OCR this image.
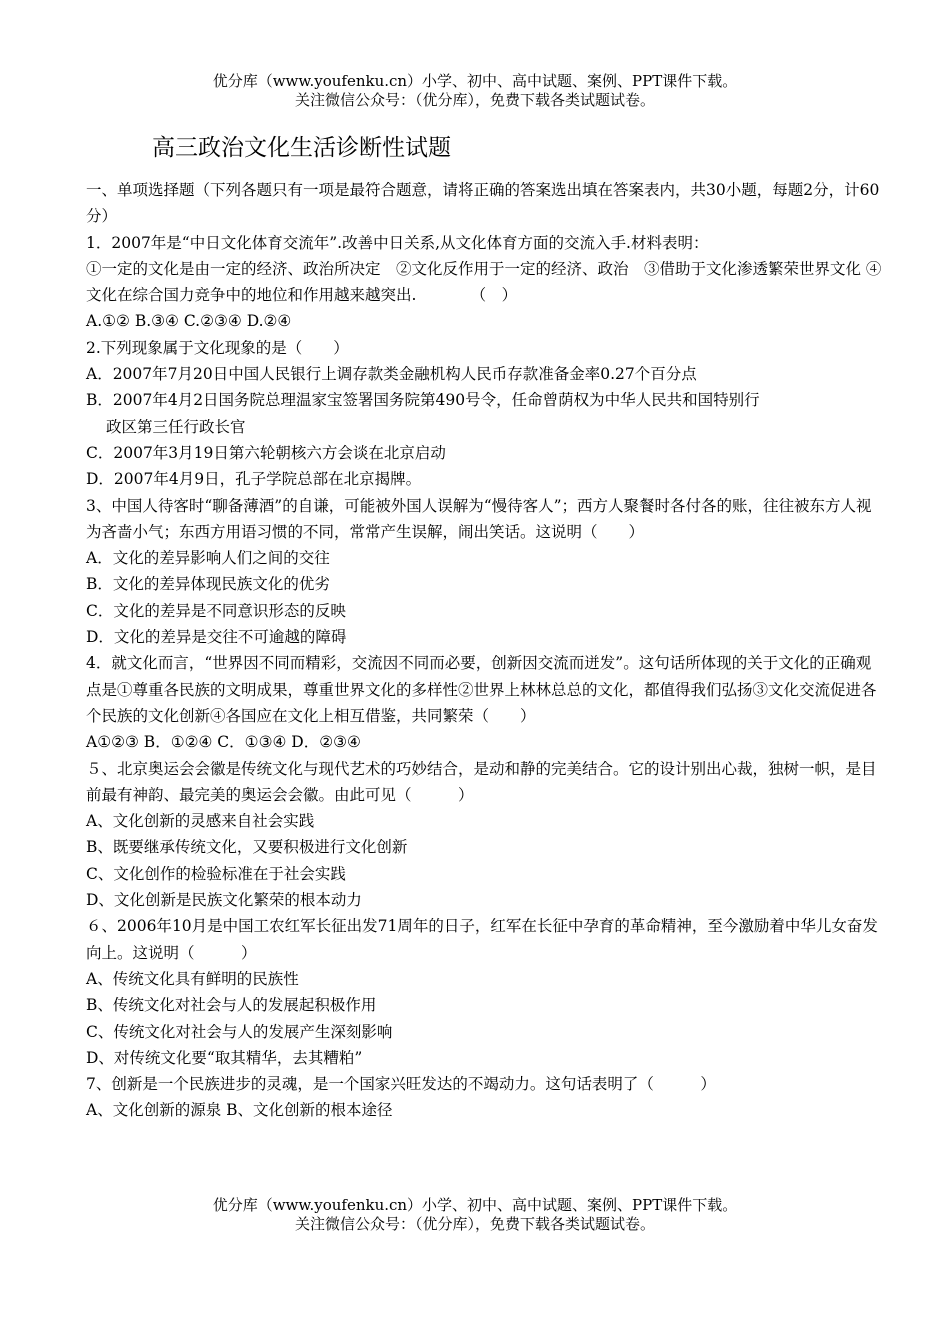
优分库（www.youfenku.cn）小学、初中、高中试题、案例、PPT课件下载。
关注微信公众号：（优分库），免费下载各类试题试卷。
高三政治文化生活诊断性试题

一、单项选择题（下列各题只有一项是最符合题意，请将正确的答案选出填在答案表内，共30小题，每题2分，计60分）

1．2007年是“中日文化体育交流年”.改善中日关系,从文化体育方面的交流入手.材料表明：

①一定的文化是由一定的经济、政治所决定　②文化反作用于一定的经济、政治　③借助于文化渗透繁荣世界文化 ④文化在综合国力竞争中的地位和作用越来越突出.　　　　（　）

A.①② B.③④ C.②③④ D.②④

2.下列现象属于文化现象的是（　　）

A．2007年7月20日中国人民银行上调存款类金融机构人民币存款准备金率0.27个百分点

B．2007年4月2日国务院总理温家宝签署国务院第490号令，任命曾荫权为中华人民共和国特别行

政区第三任行政长官

C．2007年3月19日第六轮朝核六方会谈在北京启动

D．2007年4月9日，孔子学院总部在北京揭牌。

3、中国人待客时“聊备薄酒”的自谦，可能被外国人误解为“慢待客人”；西方人聚餐时各付各的账，往往被东方人视为吝啬小气；东西方用语习惯的不同，常常产生误解，闹出笑话。这说明（　　）

A．文化的差异影响人们之间的交往

B．文化的差异体现民族文化的优劣

C．文化的差异是不同意识形态的反映

D．文化的差异是交往不可逾越的障碍

4．就文化而言，“世界因不同而精彩，交流因不同而必要，创新因交流而迸发”。这句话所体现的关于文化的正确观点是①尊重各民族的文明成果，尊重世界文化的多样性②世界上林林总总的文化，都值得我们弘扬③文化交流促进各个民族的文化创新④各国应在文化上相互借鉴，共同繁荣（　　）

A①②③ B．①②④ C．①③④ D．②③④

５、北京奥运会会徽是传统文化与现代艺术的巧妙结合，是动和静的完美结合。它的设计别出心裁，独树一帜，是目前最有神韵、最完美的奥运会会徽。由此可见（　　　）

A、文化创新的灵感来自社会实践

B、既要继承传统文化，又要积极进行文化创新

C、文化创作的检验标准在于社会实践

D、文化创新是民族文化繁荣的根本动力

６、2006年10月是中国工农红军长征出发71周年的日子，红军在长征中孕育的革命精神，至今激励着中华儿女奋发向上。这说明（　　　）

A、传统文化具有鲜明的民族性

B、传统文化对社会与人的发展起积极作用

C、传统文化对社会与人的发展产生深刻影响

D、对传统文化要“取其精华，去其糟粕”

7、创新是一个民族进步的灵魂，是一个国家兴旺发达的不竭动力。这句话表明了（　　　）

A、文化创新的源泉 B、文化创新的根本途径

优分库（www.youfenku.cn）小学、初中、高中试题、案例、PPT课件下载。
关注微信公众号：（优分库），免费下载各类试题试卷。
